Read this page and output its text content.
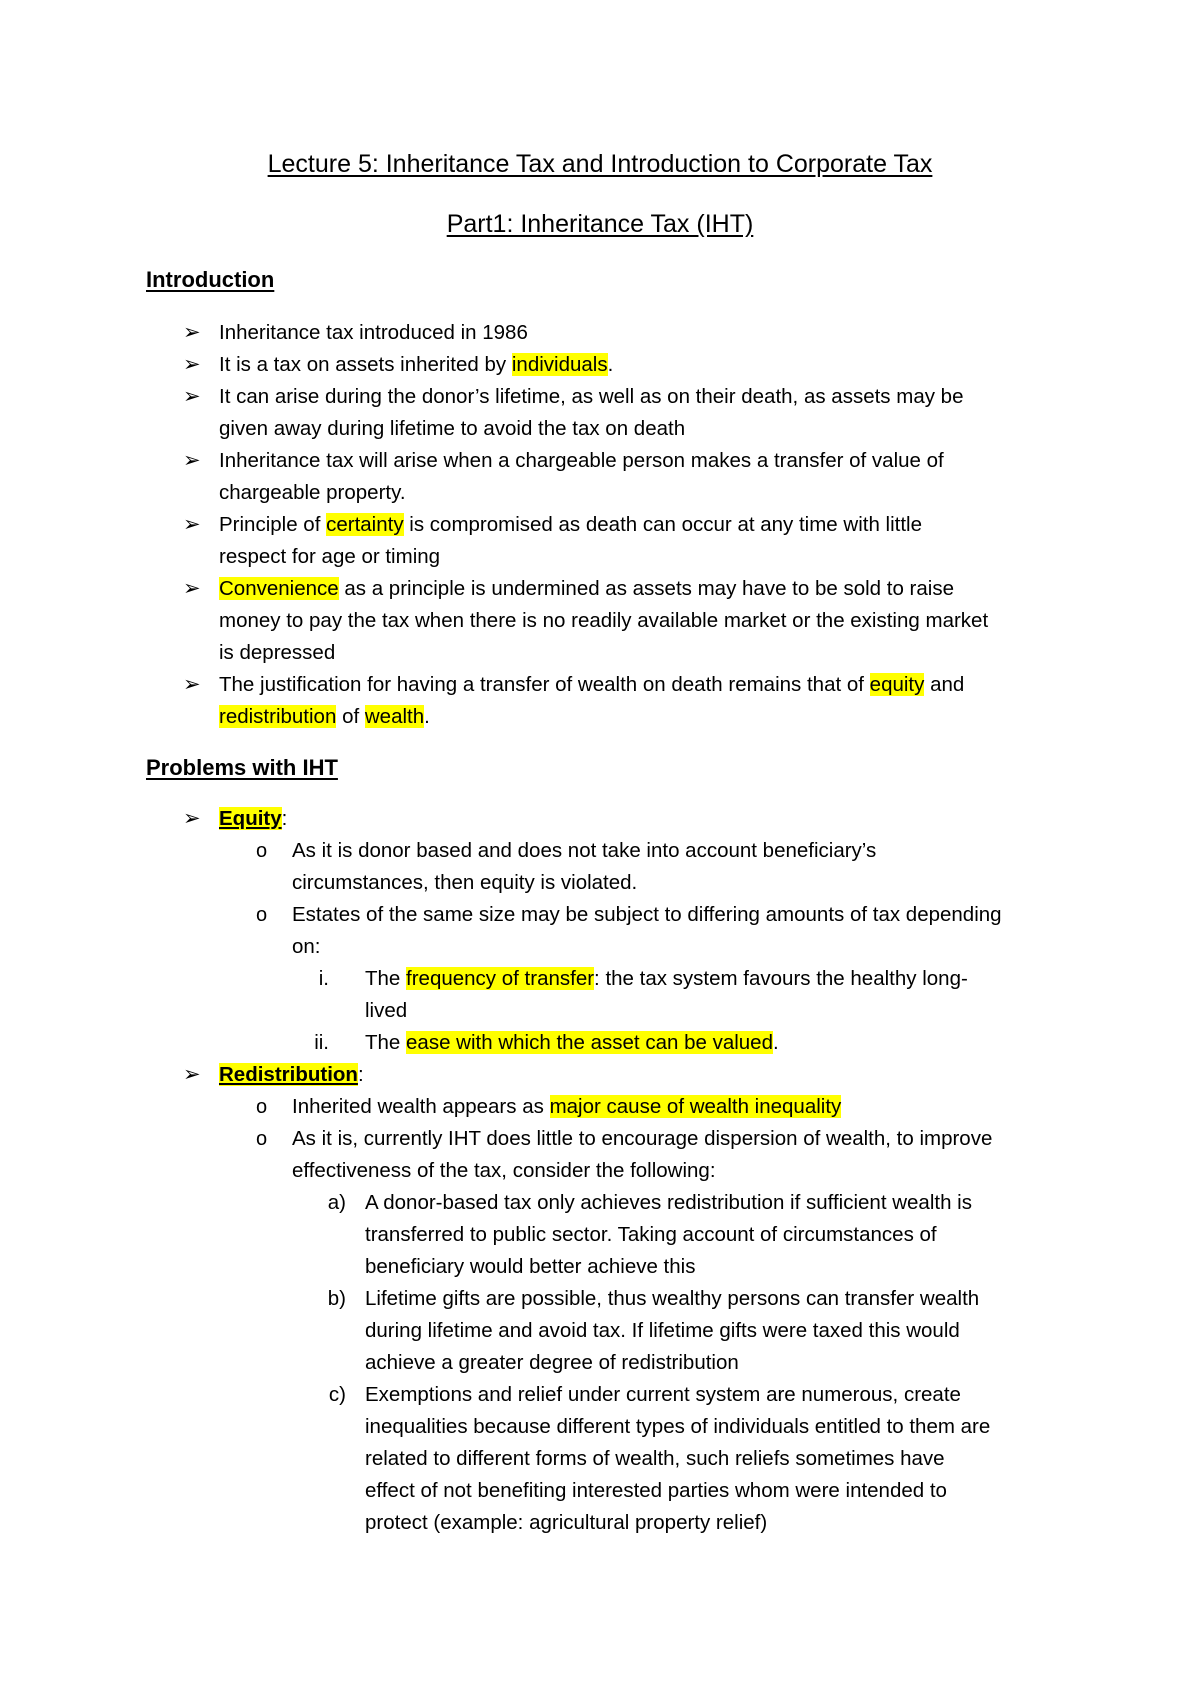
Lecture 5: Inheritance Tax and Introduction to Corporate Tax
Part1: Inheritance Tax (IHT)
Introduction
➢ Inheritance tax introduced in 1986
➢ It is a tax on assets inherited by individuals.
➢ It can arise during the donor’s lifetime, as well as on their death, as assets may be
given away during lifetime to avoid the tax on death
➢ Inheritance tax will arise when a chargeable person makes a transfer of value of
chargeable property.
➢ Principle of certainty is compromised as death can occur at any time with little
respect for age or timing
➢ Convenience as a principle is undermined as assets may have to be sold to raise
money to pay the tax when there is no readily available market or the existing market
is depressed
➢ The justification for having a transfer of wealth on death remains that of equity and
redistribution of wealth.
Problems with IHT
➢ Equity:
o As it is donor based and does not take into account beneficiary’s
circumstances, then equity is violated.
o Estates of the same size may be subject to differing amounts of tax depending
on:
i. The frequency of transfer: the tax system favours the healthy long-
lived
ii. The ease with which the asset can be valued.
➢ Redistribution:
o Inherited wealth appears as major cause of wealth inequality
o As it is, currently IHT does little to encourage dispersion of wealth, to improve
effectiveness of the tax, consider the following:
a) A donor-based tax only achieves redistribution if sufficient wealth is
transferred to public sector. Taking account of circumstances of
beneficiary would better achieve this
b) Lifetime gifts are possible, thus wealthy persons can transfer wealth
during lifetime and avoid tax. If lifetime gifts were taxed this would
achieve a greater degree of redistribution
c) Exemptions and relief under current system are numerous, create
inequalities because different types of individuals entitled to them are
related to different forms of wealth, such reliefs sometimes have
effect of not benefiting interested parties whom were intended to
protect (example: agricultural property relief)
